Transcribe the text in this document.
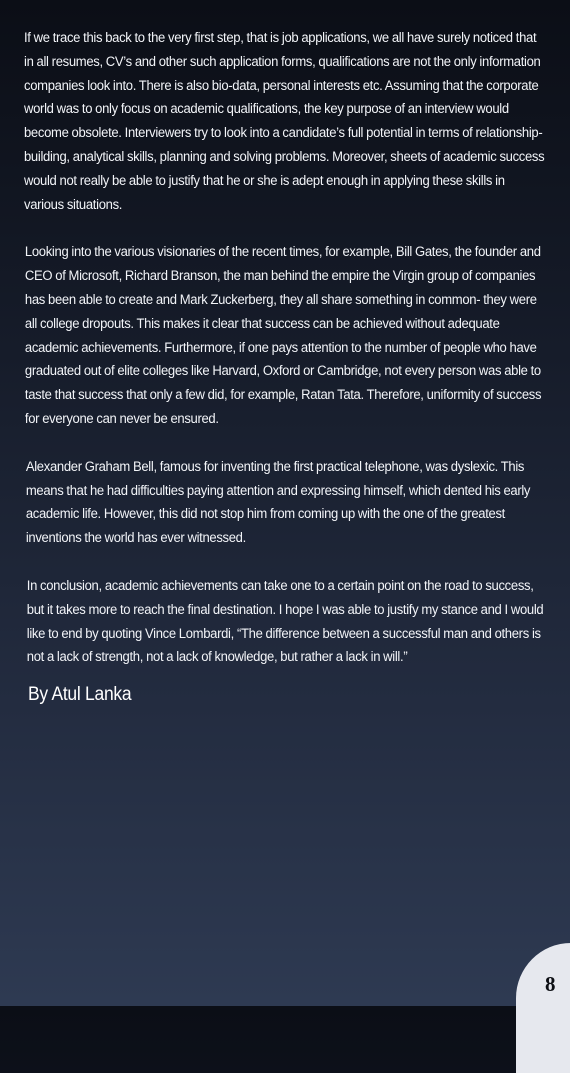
If we trace this back to the very first step, that is job applications, we all have surely noticed that in all resumes, CV’s and other such application forms, qualifications are not the only information companies look into. There is also bio-data, personal interests etc. Assuming that the corporate world was to only focus on academic qualifications, the key purpose of an interview would become obsolete. Interviewers try to look into a candidate’s full potential in terms of relationship-building, analytical skills, planning and solving problems. Moreover, sheets of academic success would not really be able to justify that he or she is adept enough in applying these skills in various situations.

Looking into the various visionaries of the recent times, for example, Bill Gates, the founder and CEO of Microsoft, Richard Branson, the man behind the empire the Virgin group of companies has been able to create and Mark Zuckerberg, they all share something in common- they were all college dropouts. This makes it clear that success can be achieved without adequate academic achievements. Furthermore, if one pays attention to the number of people who have graduated out of elite colleges like Harvard, Oxford or Cambridge, not every person was able to taste that success that only a few did, for example, Ratan Tata. Therefore, uniformity of success for everyone can never be ensured.

Alexander Graham Bell, famous for inventing the first practical telephone, was dyslexic. This means that he had difficulties paying attention and expressing himself, which dented his early academic life. However, this did not stop him from coming up with the one of the greatest inventions the world has ever witnessed.

In conclusion, academic achievements can take one to a certain point on the road to success, but it takes more to reach the final destination. I hope I was able to justify my stance and I would like to end by quoting Vince Lombardi, “The difference between a successful man and others is not a lack of strength, not a lack of knowledge, but rather a lack in will.”

By Atul Lanka
8
